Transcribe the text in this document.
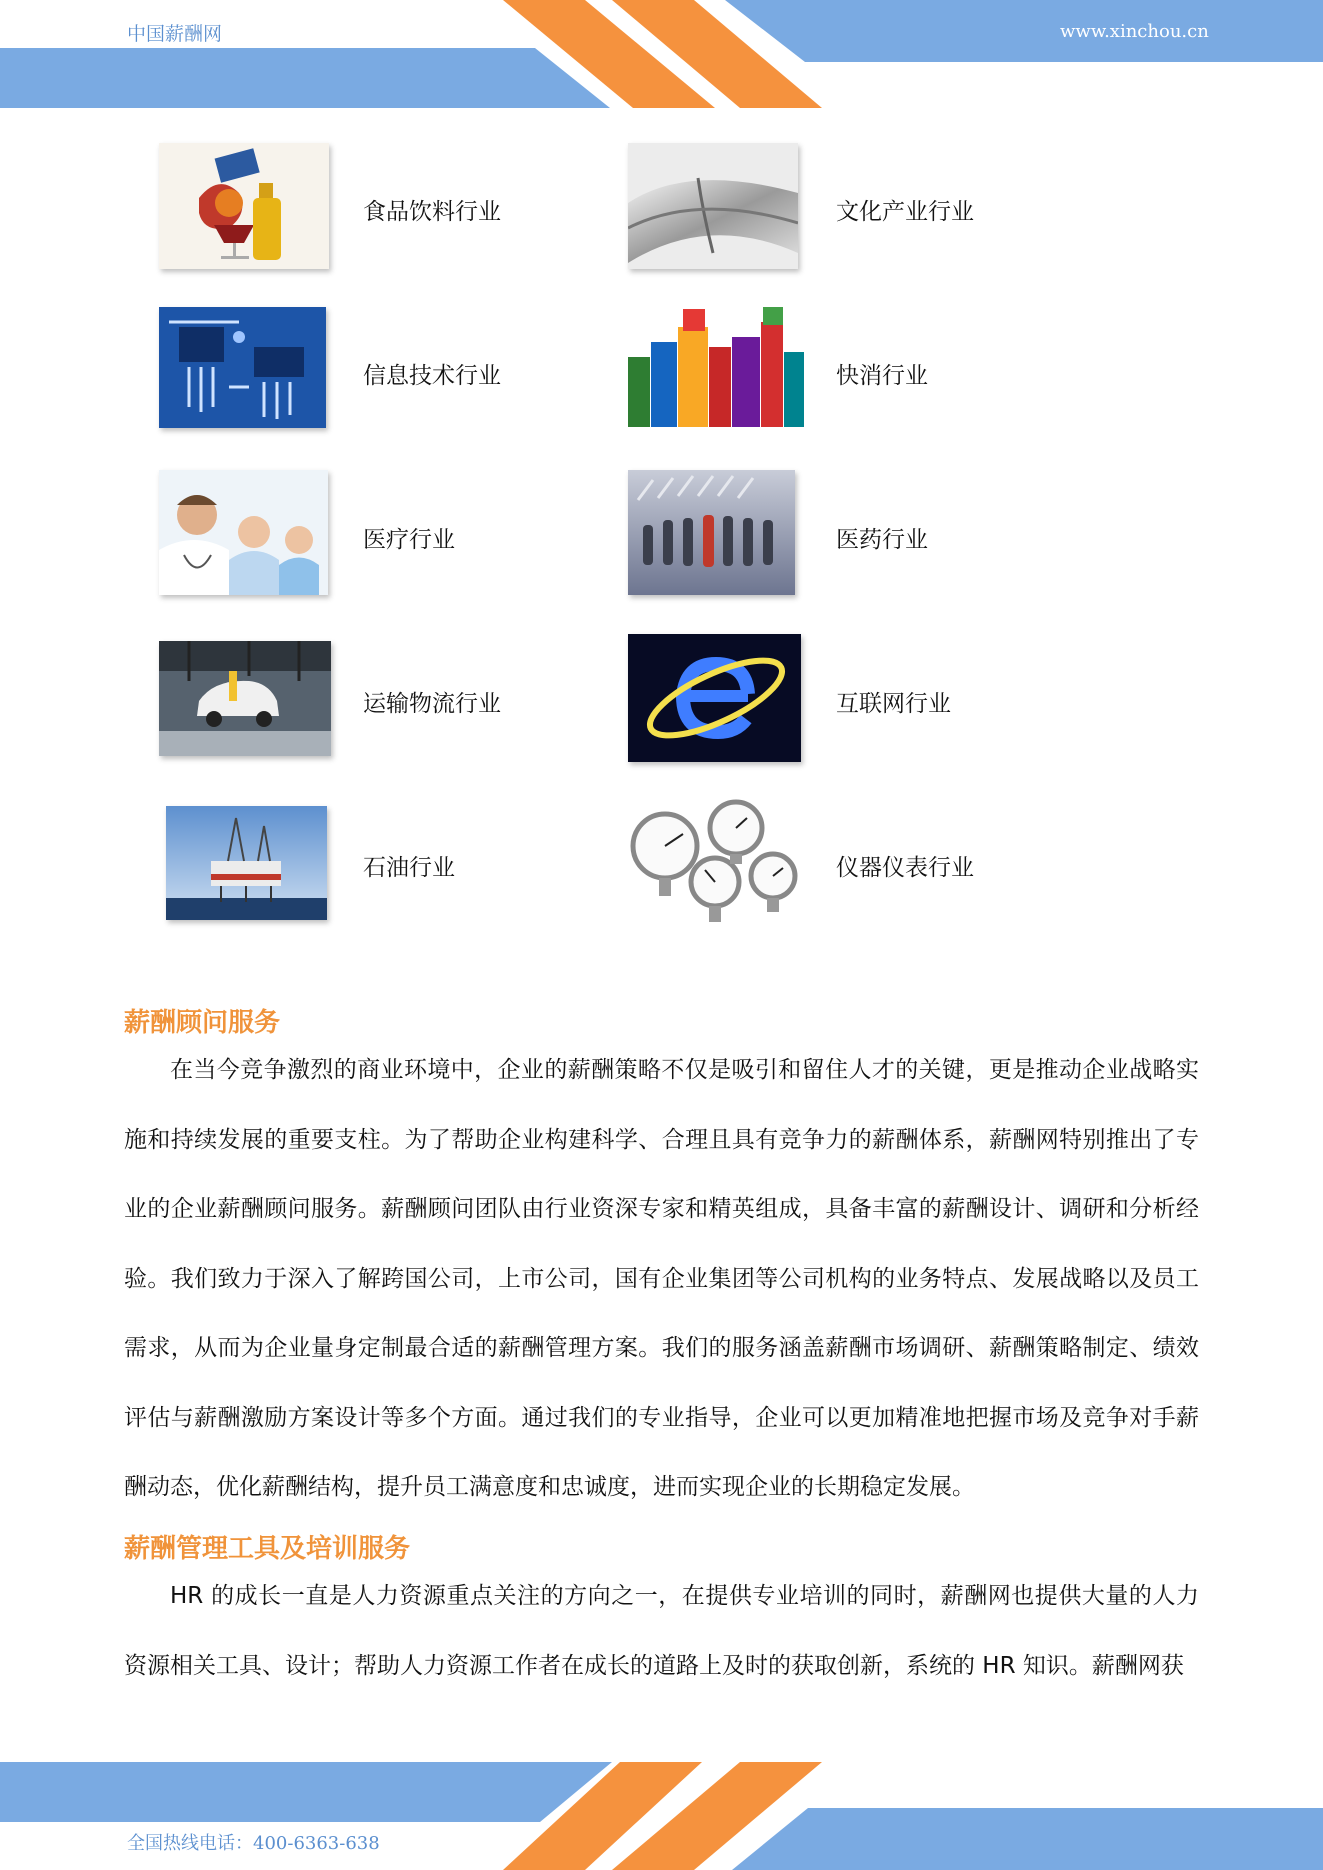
中国薪酬网	www.xinchou.cn
食品饮料行业	文化产业行业
信息技术行业	快消行业
医疗行业	医药行业
运输物流行业	互联网行业
石油行业	仪器仪表行业
薪酬顾问服务

在当今竞争激烈的商业环境中，企业的薪酬策略不仅是吸引和留住人才的关键，更是推动企业战略实施和持续发展的重要支柱。为了帮助企业构建科学、合理且具有竞争力的薪酬体系，薪酬网特别推出了专业的企业薪酬顾问服务。薪酬顾问团队由行业资深专家和精英组成，具备丰富的薪酬设计、调研和分析经验。我们致力于深入了解跨国公司，上市公司，国有企业集团等公司机构的业务特点、发展战略以及员工需求，从而为企业量身定制最合适的薪酬管理方案。我们的服务涵盖薪酬市场调研、薪酬策略制定、绩效评估与薪酬激励方案设计等多个方面。通过我们的专业指导，企业可以更加精准地把握市场及竞争对手薪酬动态，优化薪酬结构，提升员工满意度和忠诚度，进而实现企业的长期稳定发展。

薪酬管理工具及培训服务

HR 的成长一直是人力资源重点关注的方向之一，在提供专业培训的同时，薪酬网也提供大量的人力资源相关工具、设计；帮助人力资源工作者在成长的道路上及时的获取创新，系统的 HR 知识。薪酬网获

全国热线电话：400-6363-638
